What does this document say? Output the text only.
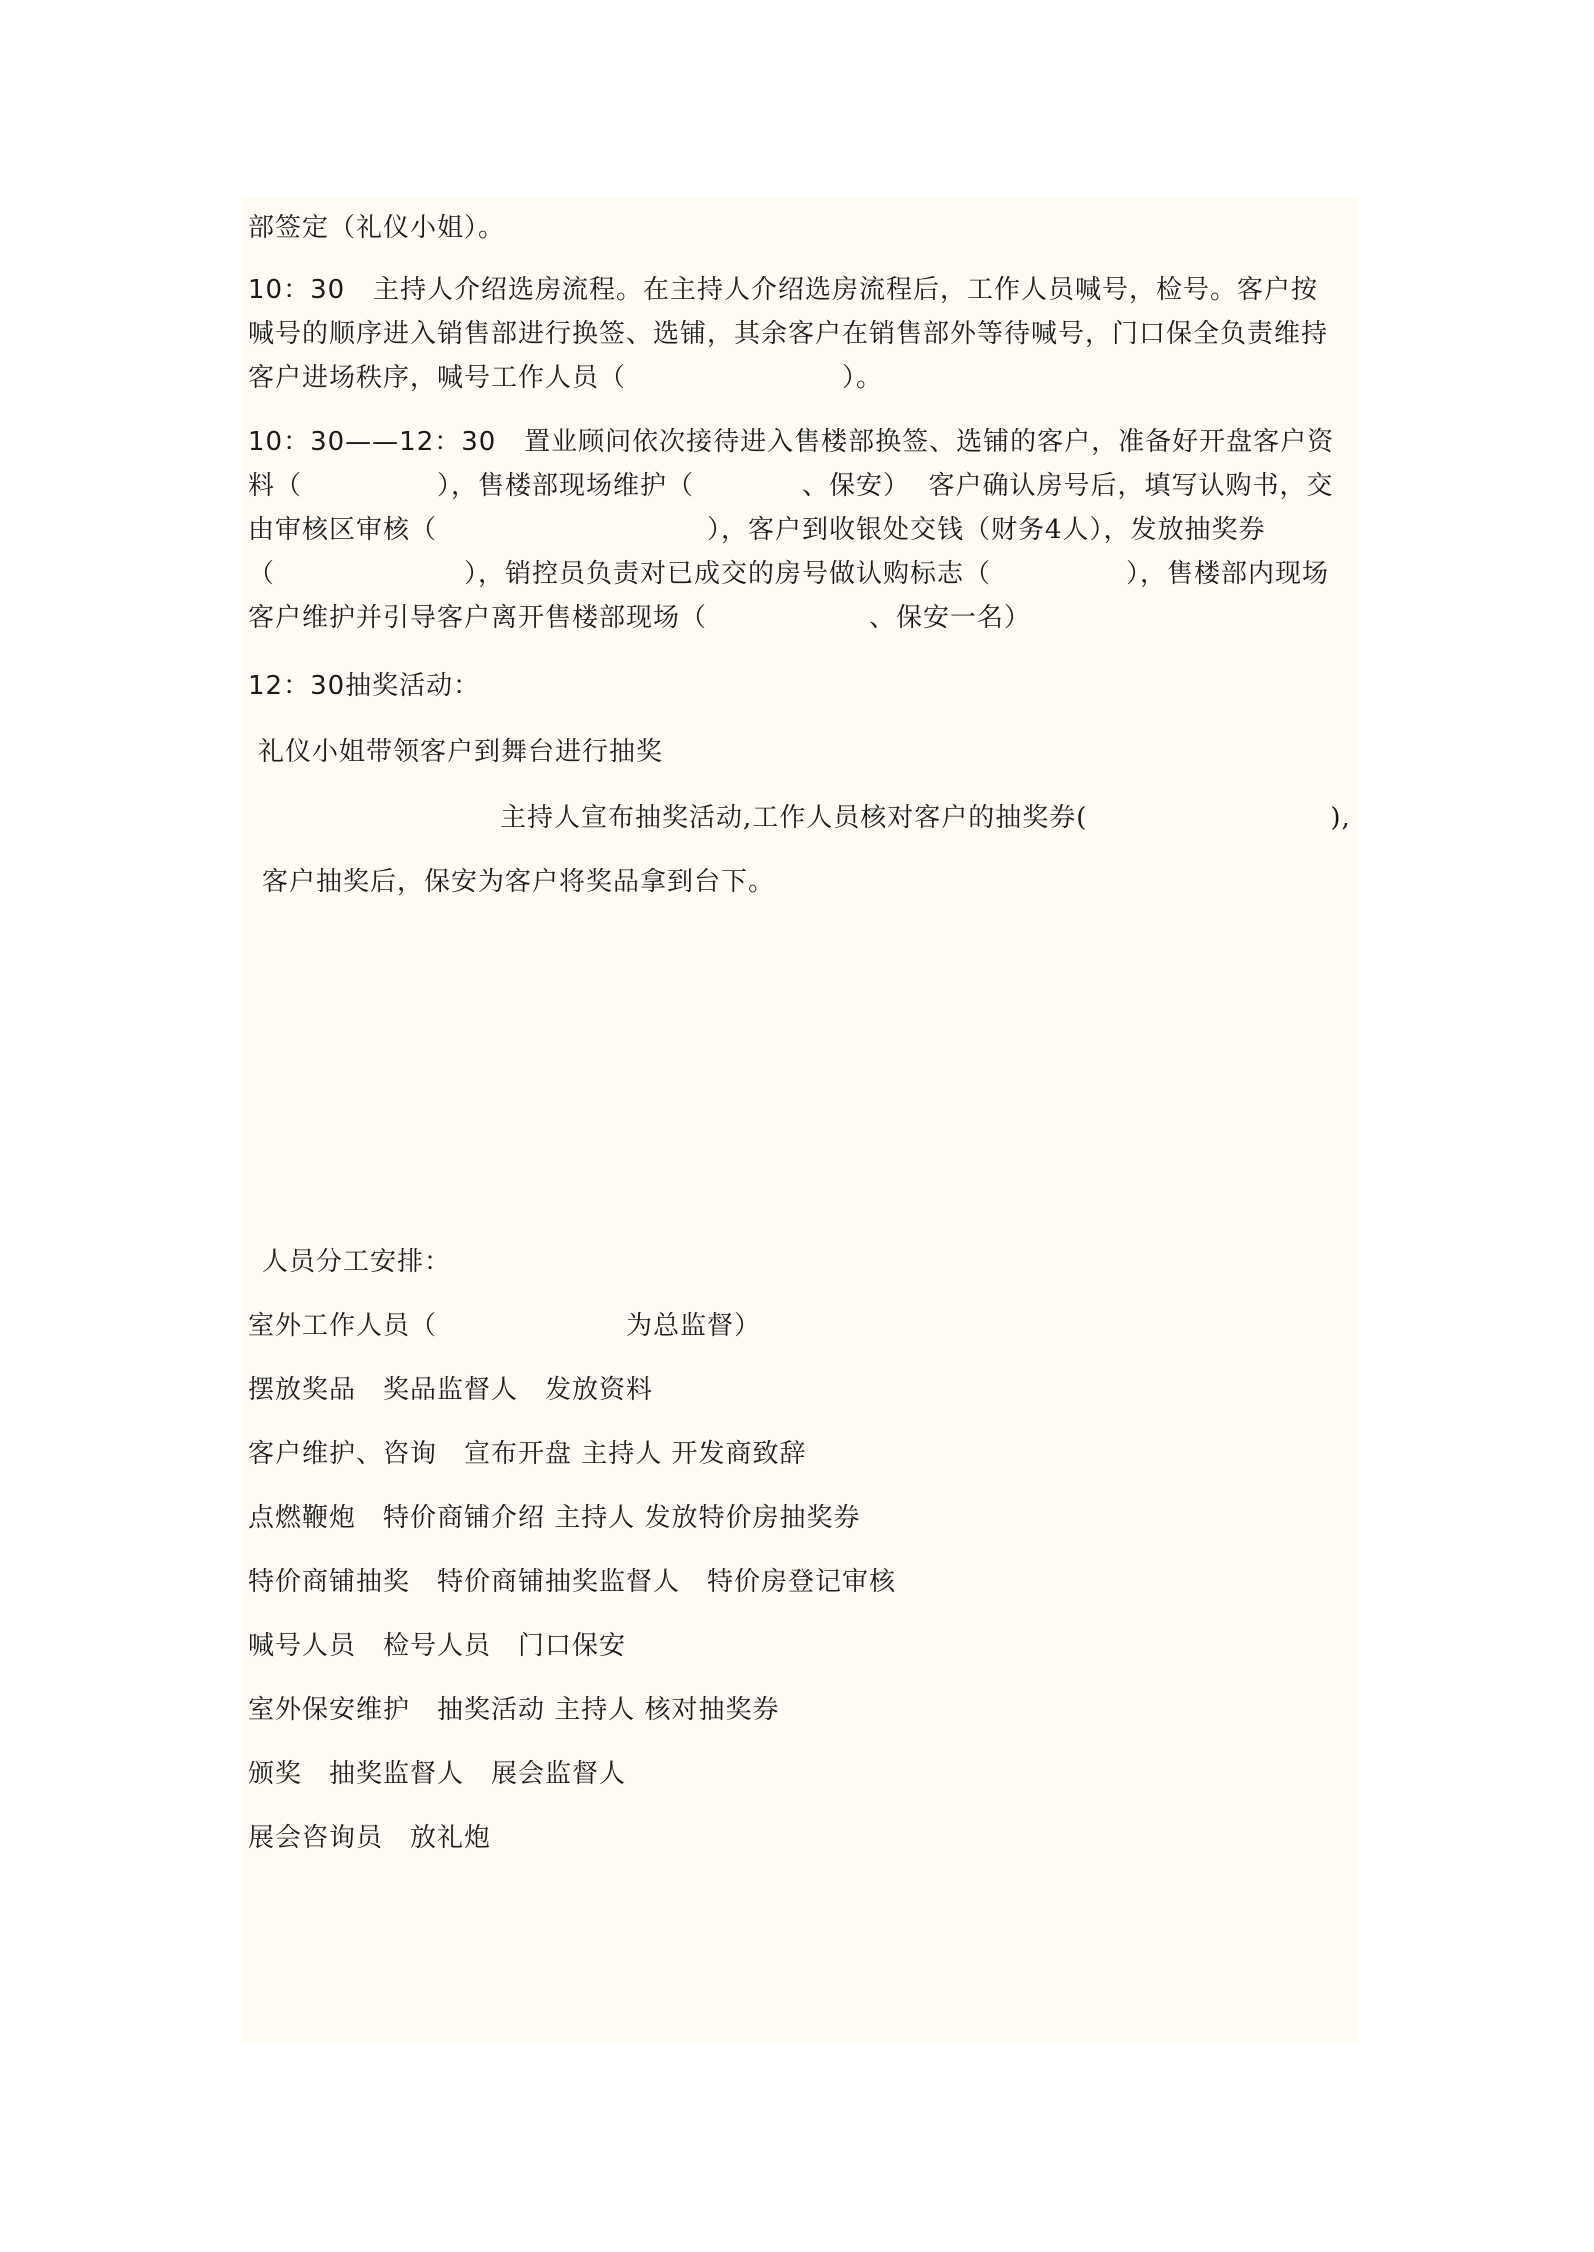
部签定（礼仪小姐）。
10：30 主持人介绍选房流程。在主持人介绍选房流程后，工作人员喊号，检号。客户按
喊号的顺序进入销售部进行换签、选铺，其余客户在销售部外等待喊号，门口保全负责维持
客户进场秩序，喊号工作人员（　　　　　　　　）。
10：30——12：30 置业顾问依次接待进入售楼部换签、选铺的客户，准备好开盘客户资
料（　　　　　），售楼部现场维护（　　　　、保安）  客户确认房号后，填写认购书，交
由审核区审核（　　　　　　　　　　），客户到收银处交钱（财务4人），发放抽奖券
（　　　　　　　），销控员负责对已成交的房号做认购标志（　　　　　），售楼部内现场
客户维护并引导客户离开售楼部现场（　　　　　　、保安一名）
12：30抽奖活动：
礼仪小姐带领客户到舞台进行抽奖
主持人宣布抽奖活动,工作人员核对客户的抽奖券(　　　　　　　　　),
客户抽奖后，保安为客户将奖品拿到台下。
人员分工安排：
室外工作人员（　　　　　　　为总监督）
摆放奖品　奖品监督人　发放资料
客户维护、咨询　宣布开盘 主持人 开发商致辞
点燃鞭炮　特价商铺介绍 主持人 发放特价房抽奖券
特价商铺抽奖　特价商铺抽奖监督人　特价房登记审核
喊号人员　检号人员　门口保安
室外保安维护　抽奖活动 主持人 核对抽奖券
颁奖　抽奖监督人　展会监督人
展会咨询员　放礼炮
